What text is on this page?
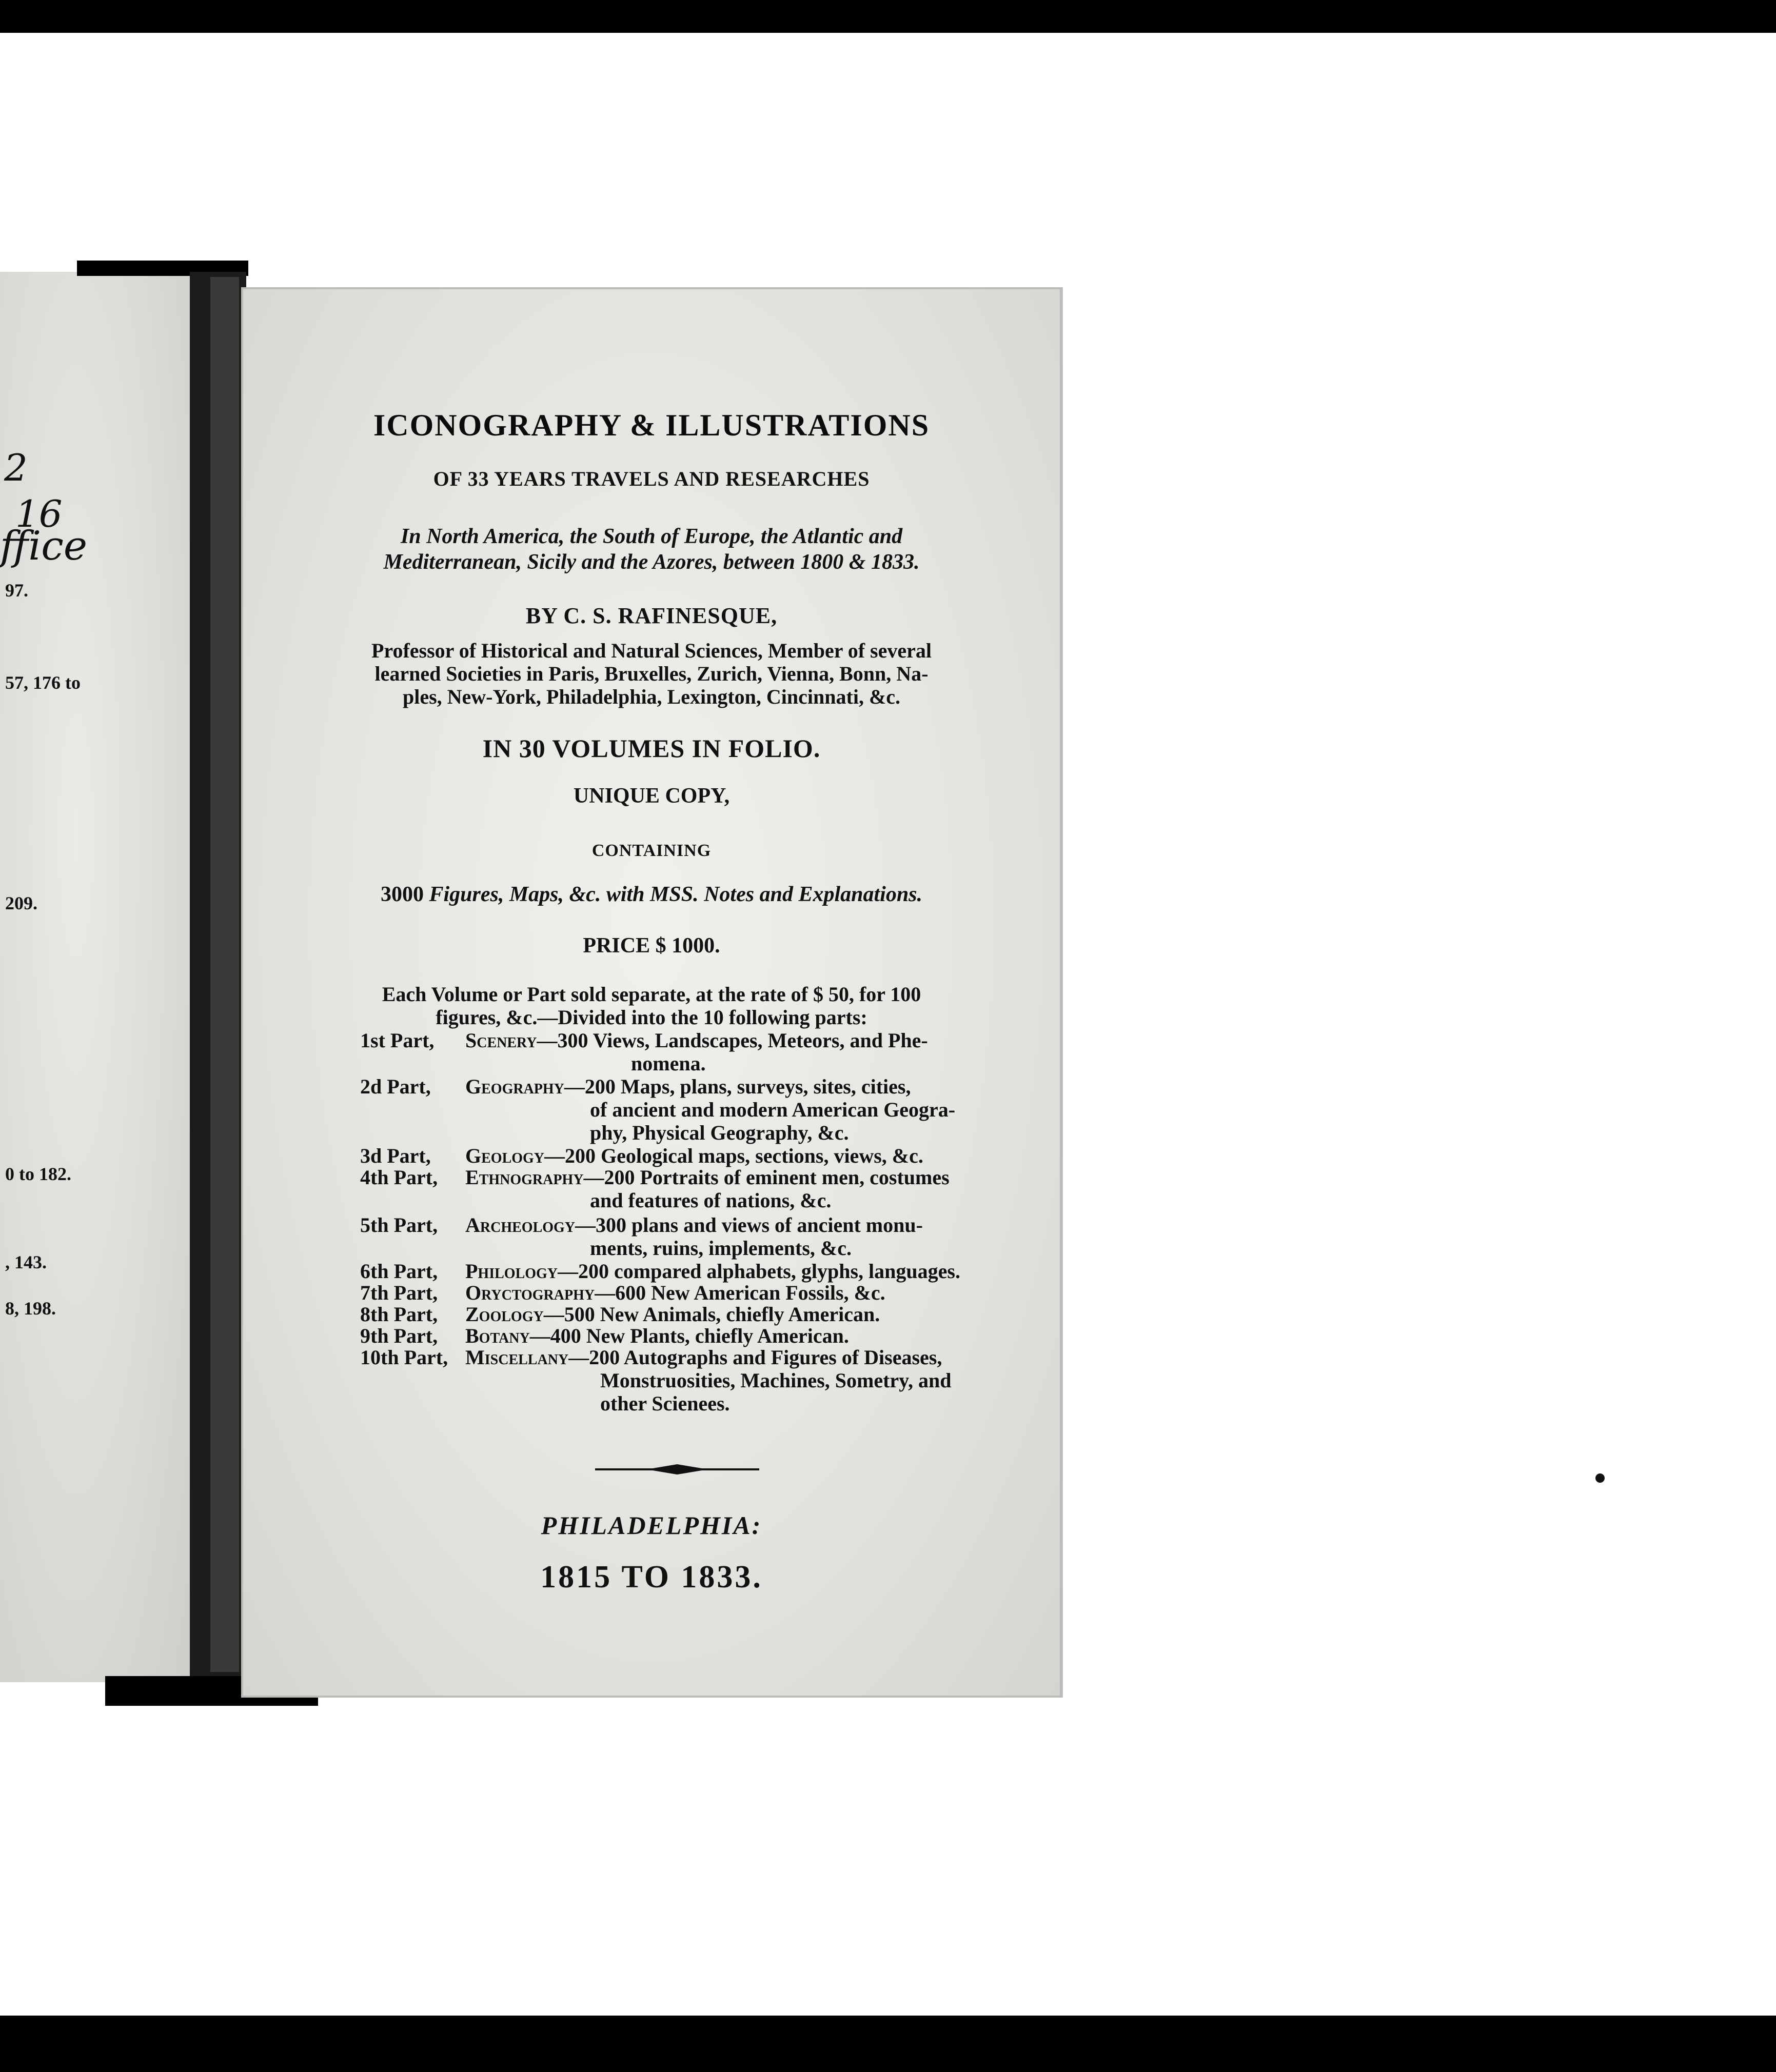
2
16
ffice
97.
57, 176 to
209.
0 to 182.
, 143.
8, 198.
ICONOGRAPHY & ILLUSTRATIONS
OF 33 YEARS TRAVELS AND RESEARCHES
In North America, the South of Europe, the Atlantic and
Mediterranean, Sicily and the Azores, between 1800 & 1833.
BY C. S. RAFINESQUE,
Professor of Historical and Natural Sciences, Member of several
learned Societies in Paris, Bruxelles, Zurich, Vienna, Bonn, Na-
ples, New-York, Philadelphia, Lexington, Cincinnati, &c.
IN 30 VOLUMES IN FOLIO.
UNIQUE COPY,
CONTAINING
3000 Figures, Maps, &c. with MSS. Notes and Explanations.
PRICE $ 1000.
Each Volume or Part sold separate, at the rate of $ 50, for 100
figures, &c.—Divided into the 10 following parts:
1st Part, Scenery—300 Views, Landscapes, Meteors, and Phe-
nomena.
2d Part, Geography—200 Maps, plans, surveys, sites, cities,
of ancient and modern American Geogra-
phy, Physical Geography, &c.
3d Part, Geology—200 Geological maps, sections, views, &c.
4th Part, Ethnography—200 Portraits of eminent men, costumes
and features of nations, &c.
5th Part, Archeology—300 plans and views of ancient monu-
ments, ruins, implements, &c.
6th Part, Philology—200 compared alphabets, glyphs, languages.
7th Part, Oryctography—600 New American Fossils, &c.
8th Part, Zoology—500 New Animals, chiefly American.
9th Part, Botany—400 New Plants, chiefly American.
10th Part, Miscellany—200 Autographs and Figures of Diseases,
Monstruosities, Machines, Sometry, and
other Scienees.
PHILADELPHIA:
1815 TO 1833.
